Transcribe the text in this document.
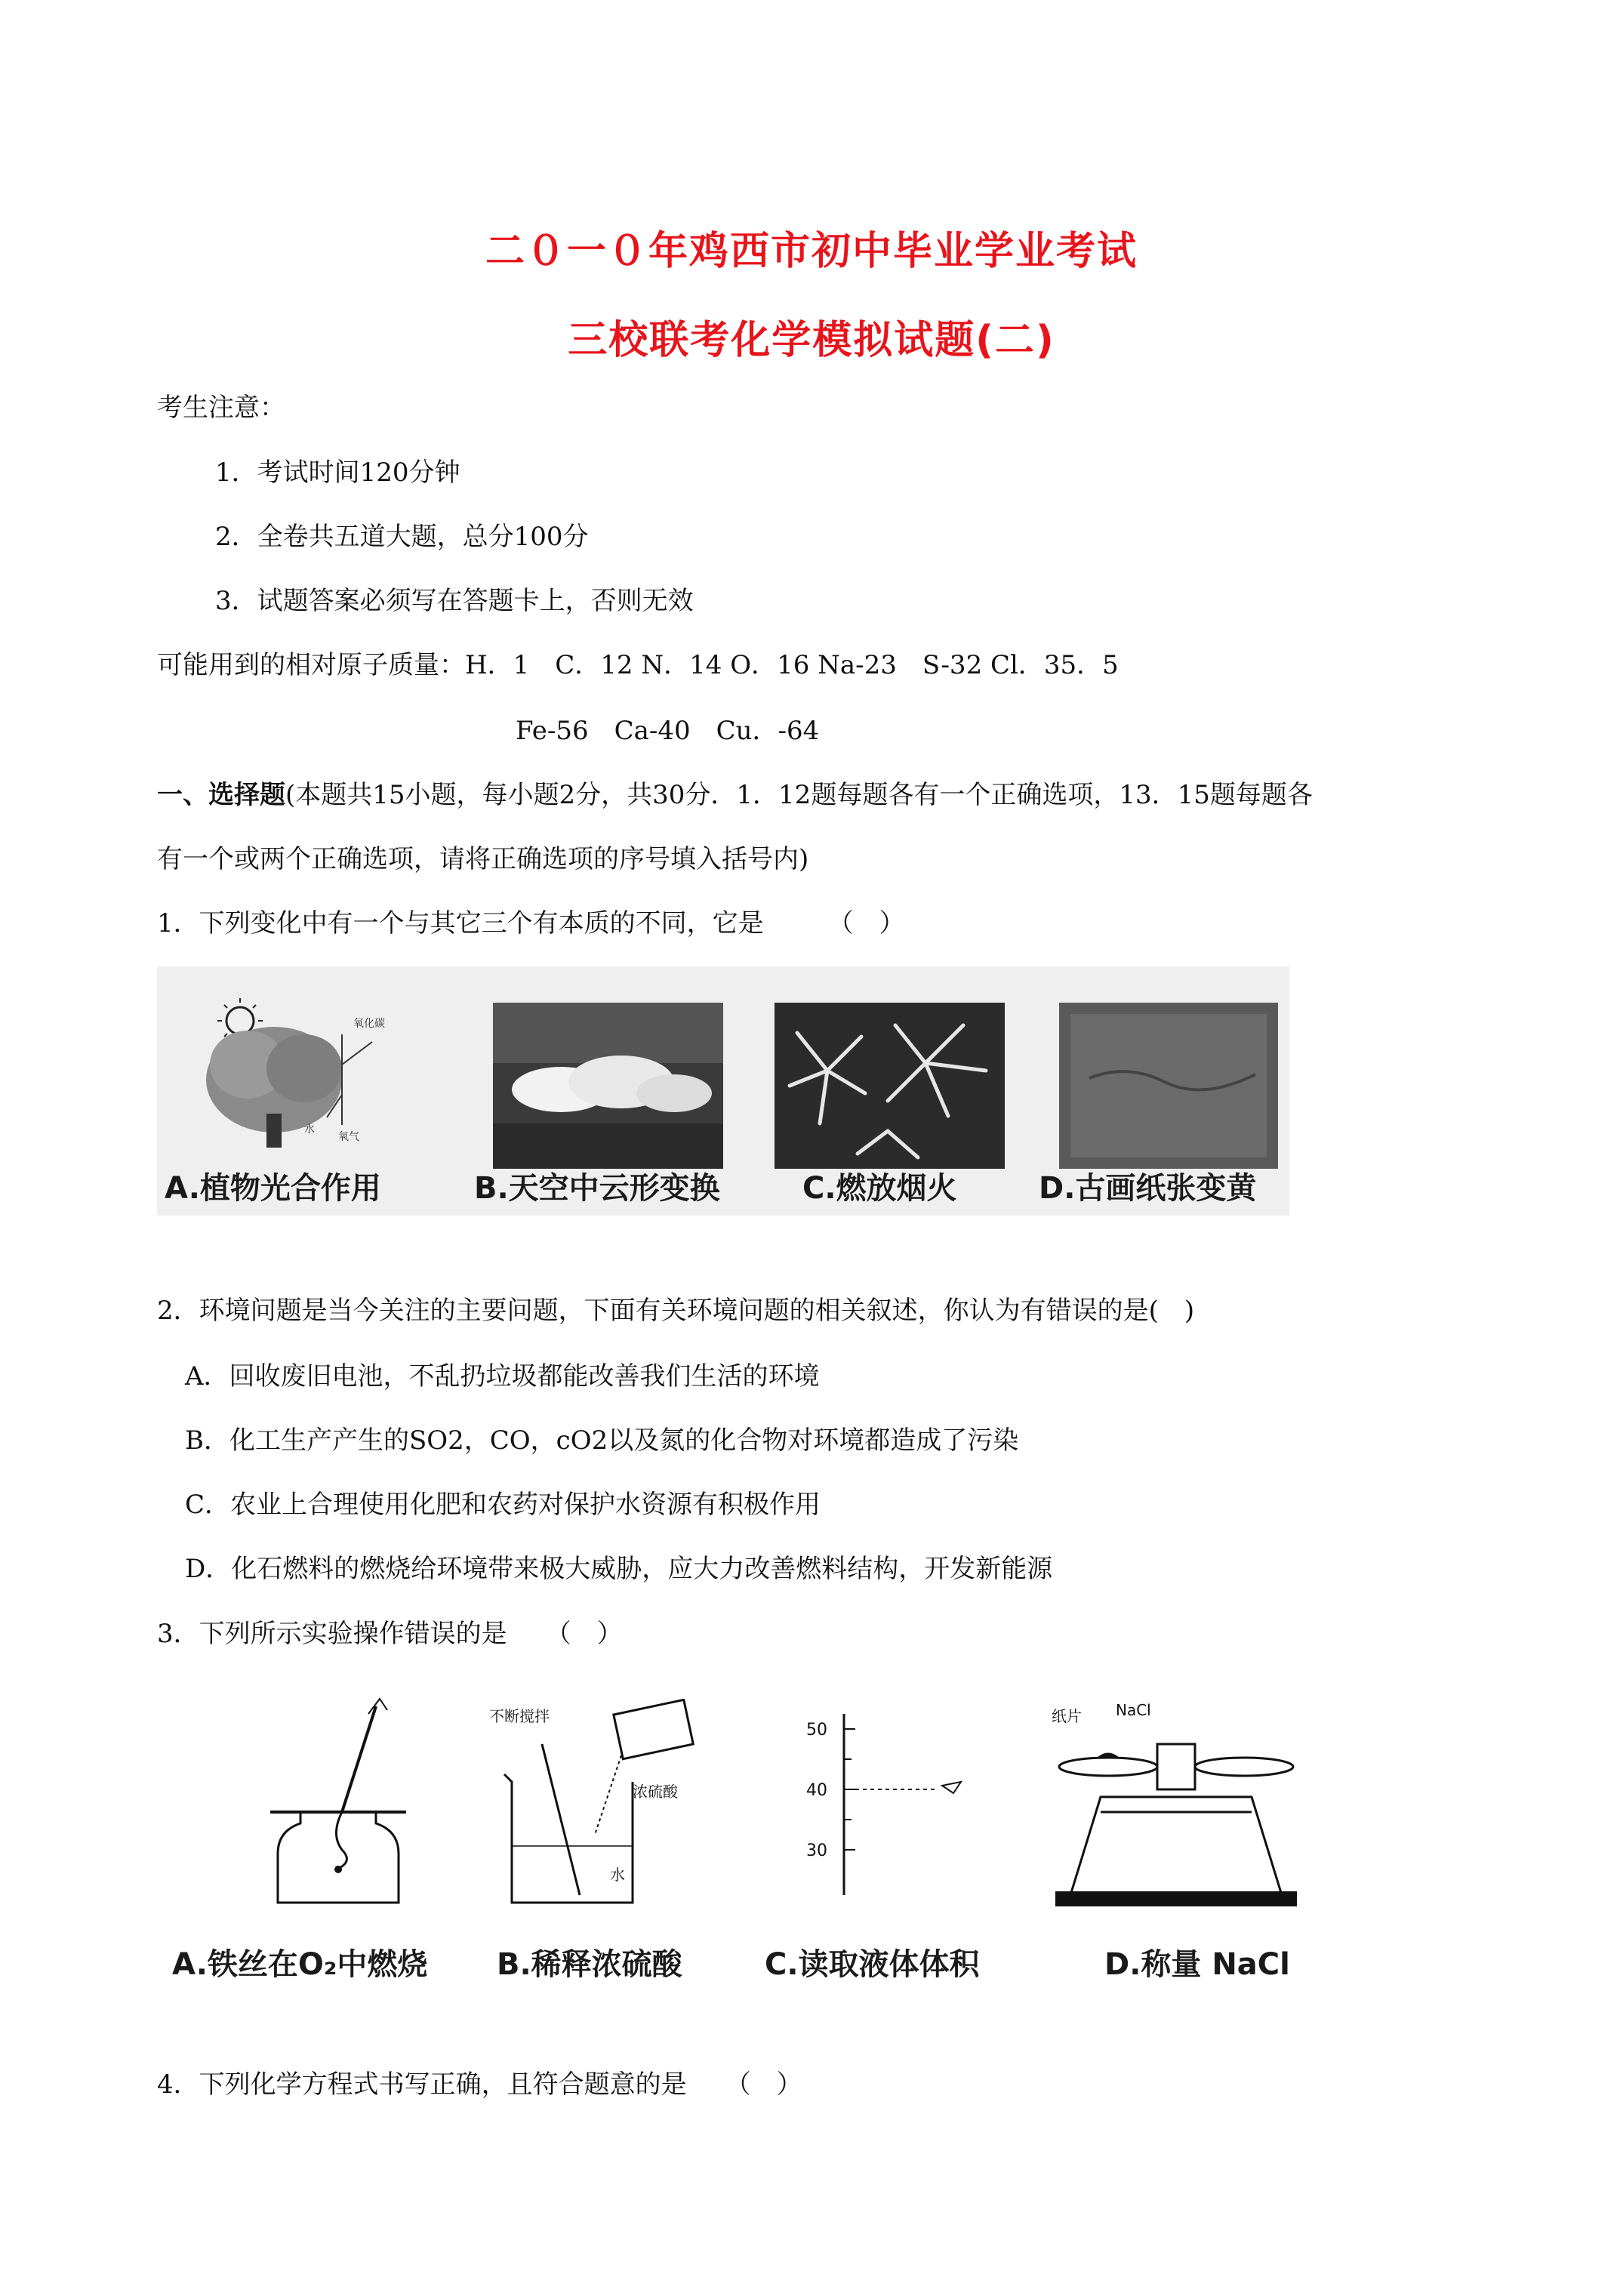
二０一０年鸡西市初中毕业学业考试
三校联考化学模拟试题(二)
考生注意：
1．考试时间120分钟
2．全卷共五道大题，总分100分
3．试题答案必须写在答题卡上，否则无效
可能用到的相对原子质量：H．1　C．12 N．14 O．16 Na-23　S-32 Cl．35．5
Fe-56　Ca-40　Cu．-64
一、选择题(本题共15小题，每小题2分，共30分．1．12题每题各有一个正确选项，13．15题每题各
有一个或两个正确选项，请将正确选项的序号填入括号内)
1．下列变化中有一个与其它三个有本质的不同，它是　　　（　）
氧化碳
水
氧气
A.植物光合作用	B.天空中云形变换	C.燃放烟火	D.古画纸张变黄
2．环境问题是当今关注的主要问题，下面有关环境问题的相关叙述，你认为有错误的是(　)
A．回收废旧电池，不乱扔垃圾都能改善我们生活的环境
B．化工生产产生的SO2，CO，cO2以及氮的化合物对环境都造成了污染
C．农业上合理使用化肥和农药对保护水资源有积极作用
D．化石燃料的燃烧给环境带来极大威胁，应大力改善燃料结构，开发新能源
3．下列所示实验操作错误的是　　（　）
不断搅拌
浓硫酸
水
50
40
30
纸片 NaCl
A.铁丝在O₂中燃烧 B.稀释浓硫酸	C.读取液体体积	D.称量 NaCl
4．下列化学方程式书写正确，且符合题意的是　　（　）
